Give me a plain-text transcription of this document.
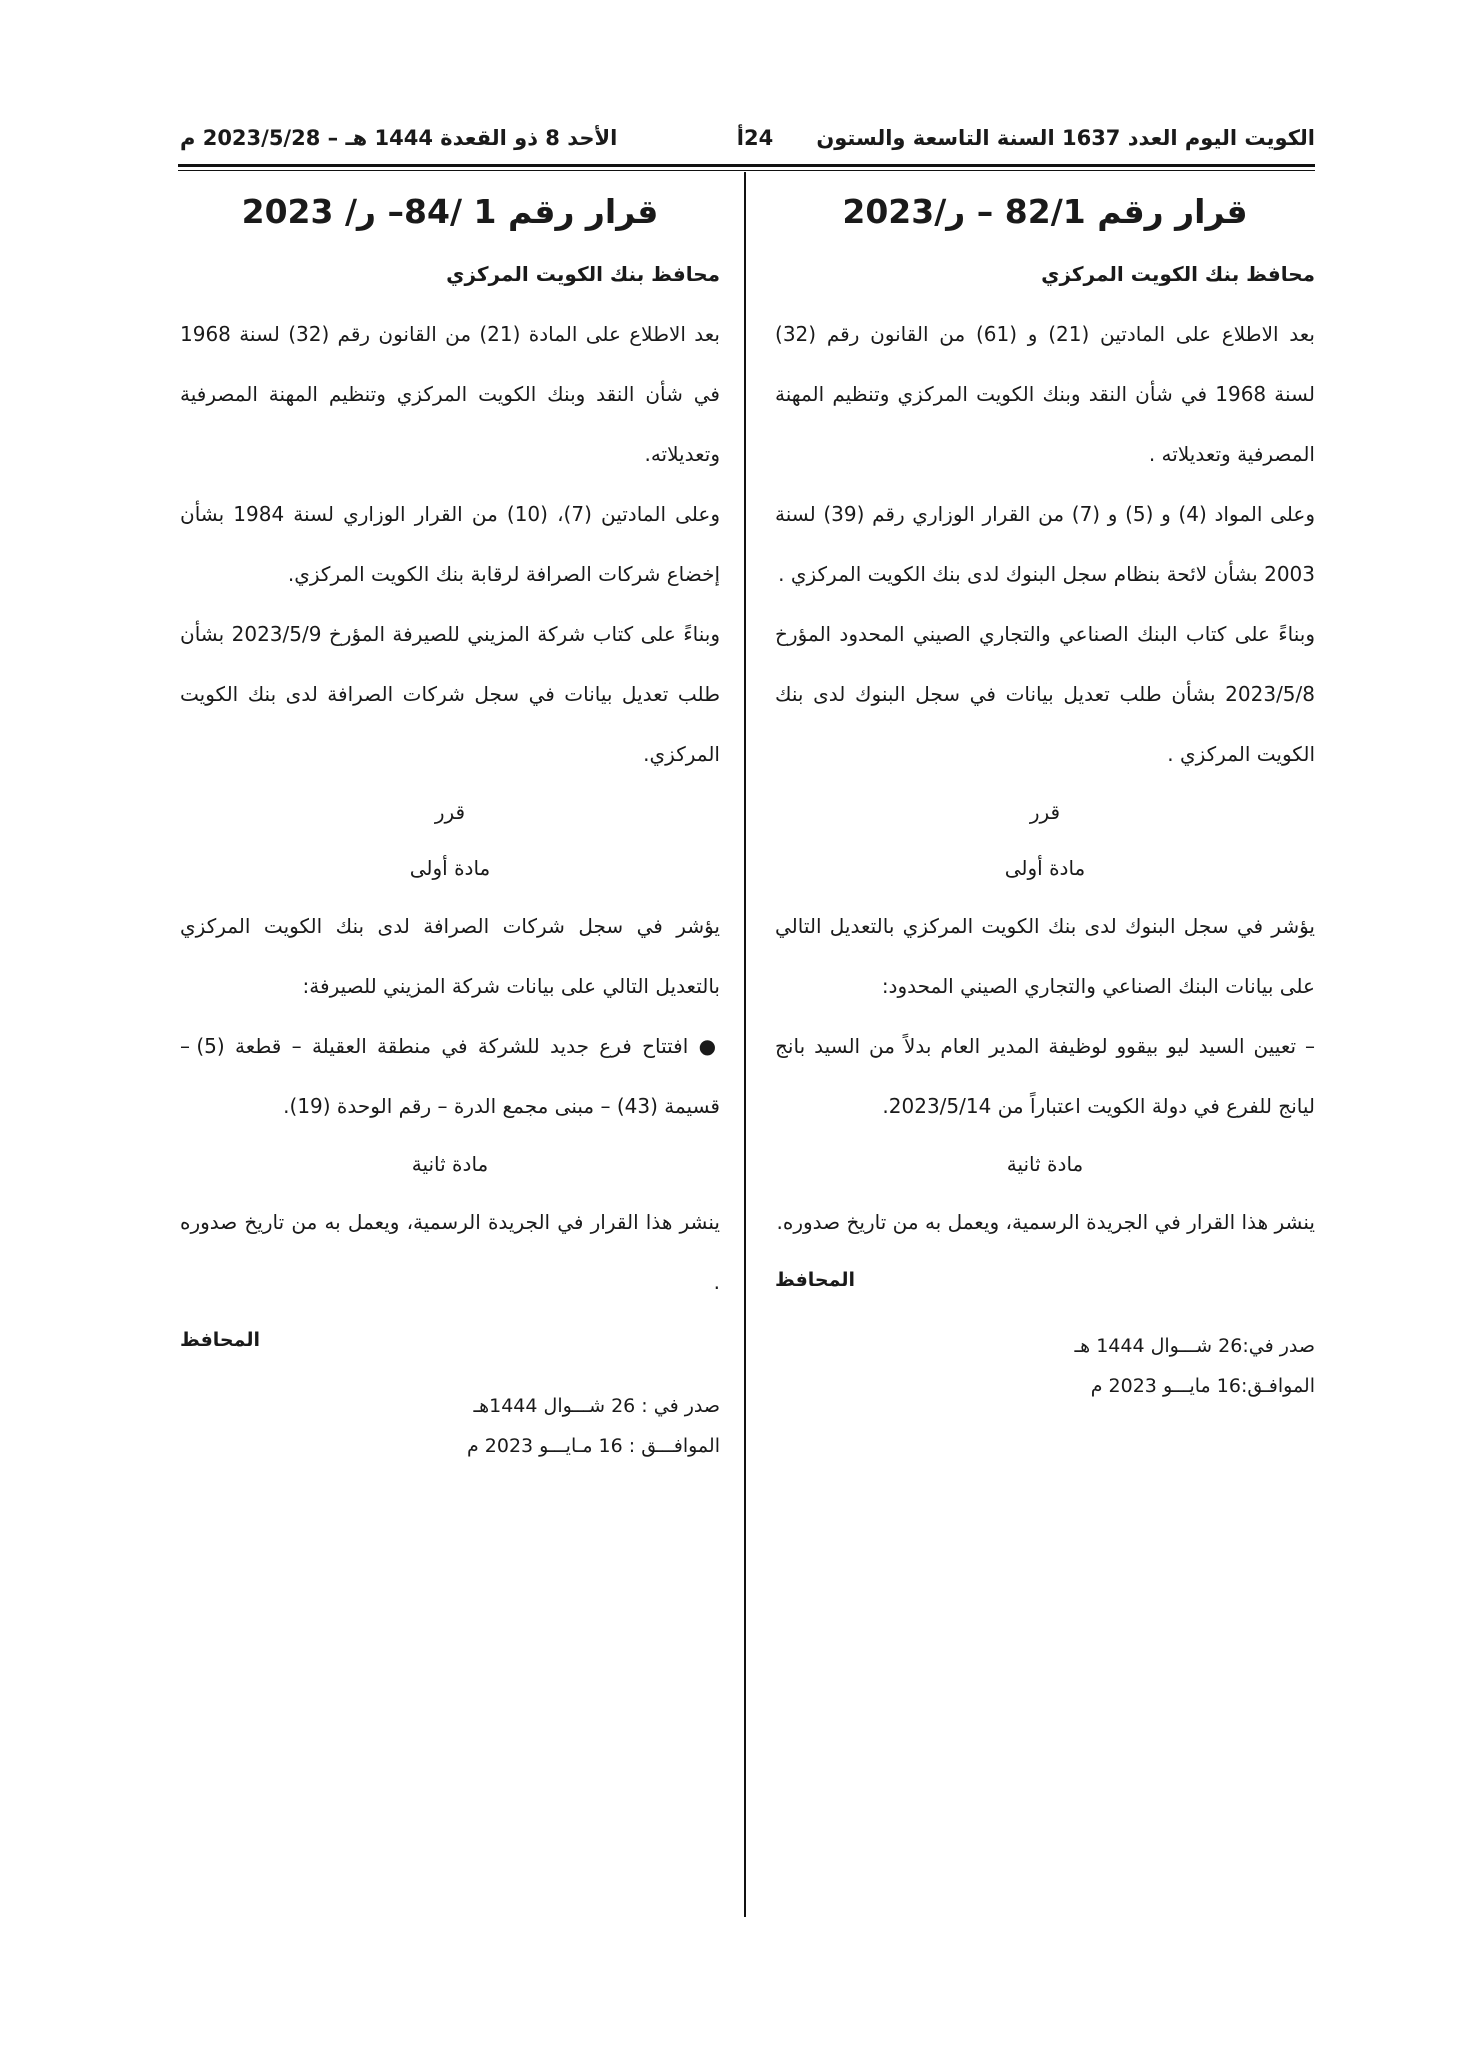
الكويت اليوم العدد 1637 السنة التاسعة والستون
24أ
الأحد 8 ذو القعدة 1444 هـ – 2023/5/28 م
قرار رقم 82/1 – ر/2023

محافظ بنك الكويت المركزي

بعد الاطلاع على المادتين (21) و (61) من القانون رقم (32) لسنة 1968 في شأن النقد وبنك الكويت المركزي وتنظيم المهنة المصرفية وتعديلاته .

وعلى المواد (4) و (5) و (7) من القرار الوزاري رقم (39) لسنة 2003 بشأن لائحة بنظام سجل البنوك لدى بنك الكويت المركزي .

وبناءً على كتاب البنك الصناعي والتجاري الصيني المحدود المؤرخ 2023/5/8 بشأن طلب تعديل بيانات في سجل البنوك لدى بنك الكويت المركزي .

قرر

مادة أولى

يؤشر في سجل البنوك لدى بنك الكويت المركزي بالتعديل التالي على بيانات البنك الصناعي والتجاري الصيني المحدود:

– تعيين السيد ليو بيقوو لوظيفة المدير العام بدلاً من السيد بانج ليانج للفرع في دولة الكويت اعتباراً من 2023/5/14.

مادة ثانية

ينشر هذا القرار في الجريدة الرسمية، ويعمل به من تاريخ صدوره.

المحافظ

صدر في:26 شـــوال 1444 هـ

الموافـق:16 مايـــو 2023 م

قرار رقم 1 /84– ر/ 2023

محافظ بنك الكويت المركزي

بعد الاطلاع على المادة (21) من القانون رقم (32) لسنة 1968 في شأن النقد وبنك الكويت المركزي وتنظيم المهنة المصرفية وتعديلاته.

وعلى المادتين (7)، (10) من القرار الوزاري لسنة 1984 بشأن إخضاع شركات الصرافة لرقابة بنك الكويت المركزي.

وبناءً على كتاب شركة المزيني للصيرفة المؤرخ 2023/5/9 بشأن طلب تعديل بيانات في سجل شركات الصرافة لدى بنك الكويت المركزي.

قرر

مادة أولى

يؤشر في سجل شركات الصرافة لدى بنك الكويت المركزي بالتعديل التالي على بيانات شركة المزيني للصيرفة:

● افتتاح فرع جديد للشركة في منطقة العقيلة – قطعة (5) – قسيمة (43) – مبنى مجمع الدرة – رقم الوحدة (19).

مادة ثانية

ينشر هذا القرار في الجريدة الرسمية، ويعمل به من تاريخ صدوره .

المحافظ

صدر في : 26 شـــوال 1444هـ

الموافـــق : 16 مـايـــو 2023 م
